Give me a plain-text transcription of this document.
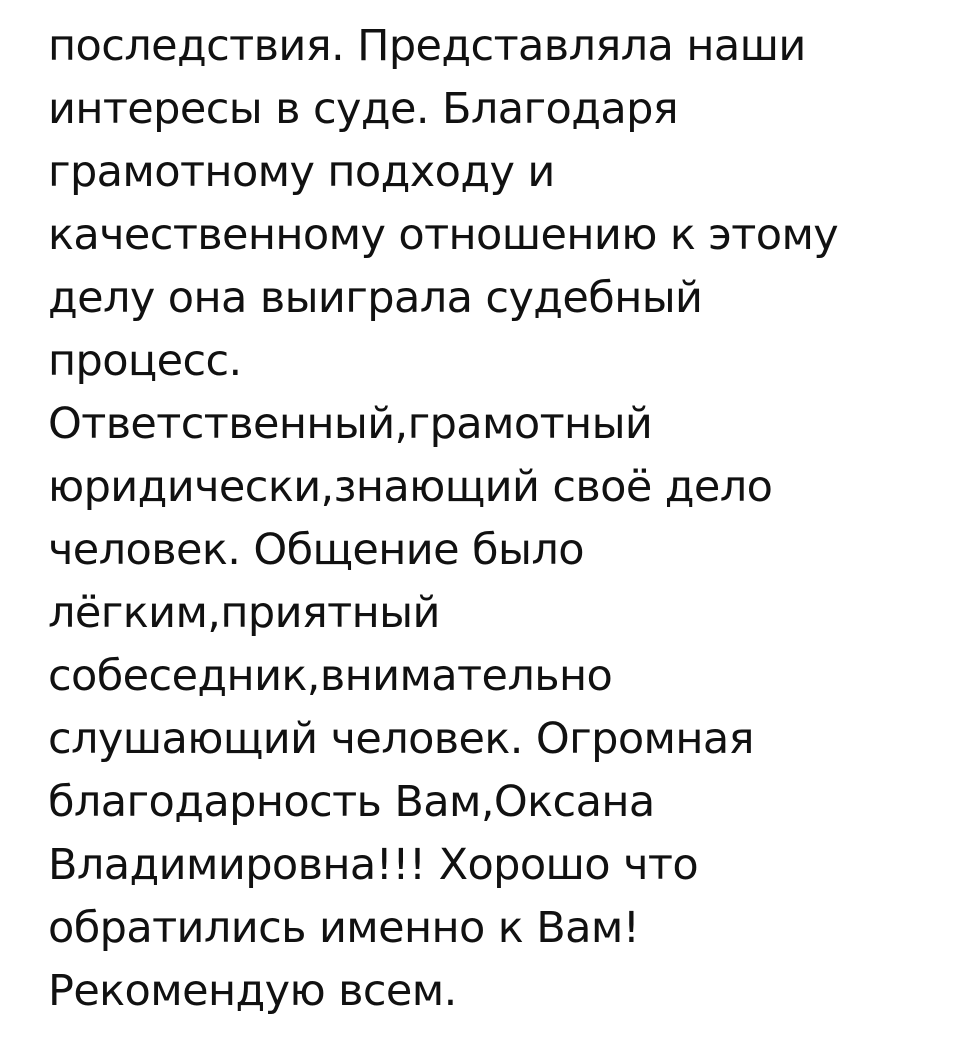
последствия. Представляла наши
интересы в суде. Благодаря
грамотному подходу и
качественному отношению к этому
делу она выиграла судебный
процесс.
Ответственный,грамотный
юридически,знающий своё дело
человек. Общение было
лёгким,приятный
собеседник,внимательно
слушающий человек. Огромная
благодарность Вам,Оксана
Владимировна!!! Хорошо что
обратились именно к Вам!
Рекомендую всем.
